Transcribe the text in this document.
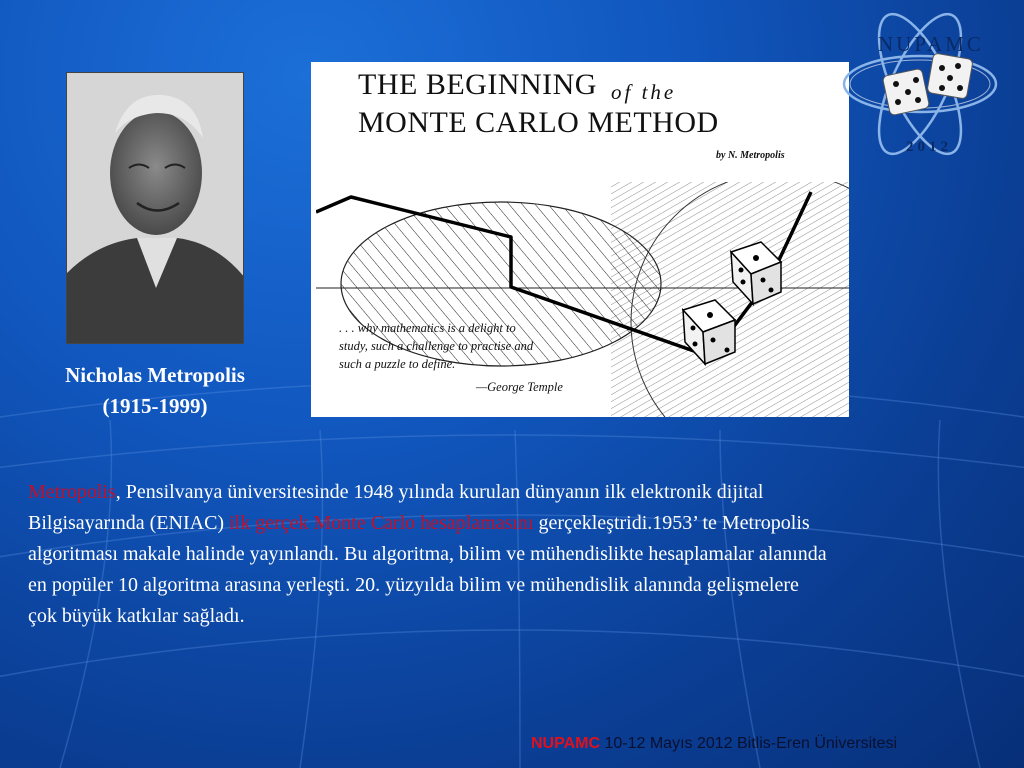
Nicholas Metropolis
(1915-1999)
THE BEGINNING
MONTE CARLO METHOD
of the
by N. Metropolis
. . . why mathematics is a delight to
study, such a challenge to practise and
such a puzzle to define.
—George Temple
NUPAMC
2012
Metropolis, Pensilvanya üniversitesinde 1948 yılında kurulan dünyanın ilk elektronik dijital
Bilgisayarında (ENIAC) ilk gerçek Monte Carlo hesaplamasını gerçekleştridi.1953’ te Metropolis
algoritması makale halinde yayınlandı. Bu algoritma, bilim ve mühendislikte hesaplamalar alanında
en popüler 10 algoritma arasına yerleşti. 20. yüzyılda bilim ve mühendislik alanında gelişmelere
çok büyük katkılar sağladı.
NUPAMC 10-12 Mayıs 2012 Bitlis-Eren Üniversitesi
